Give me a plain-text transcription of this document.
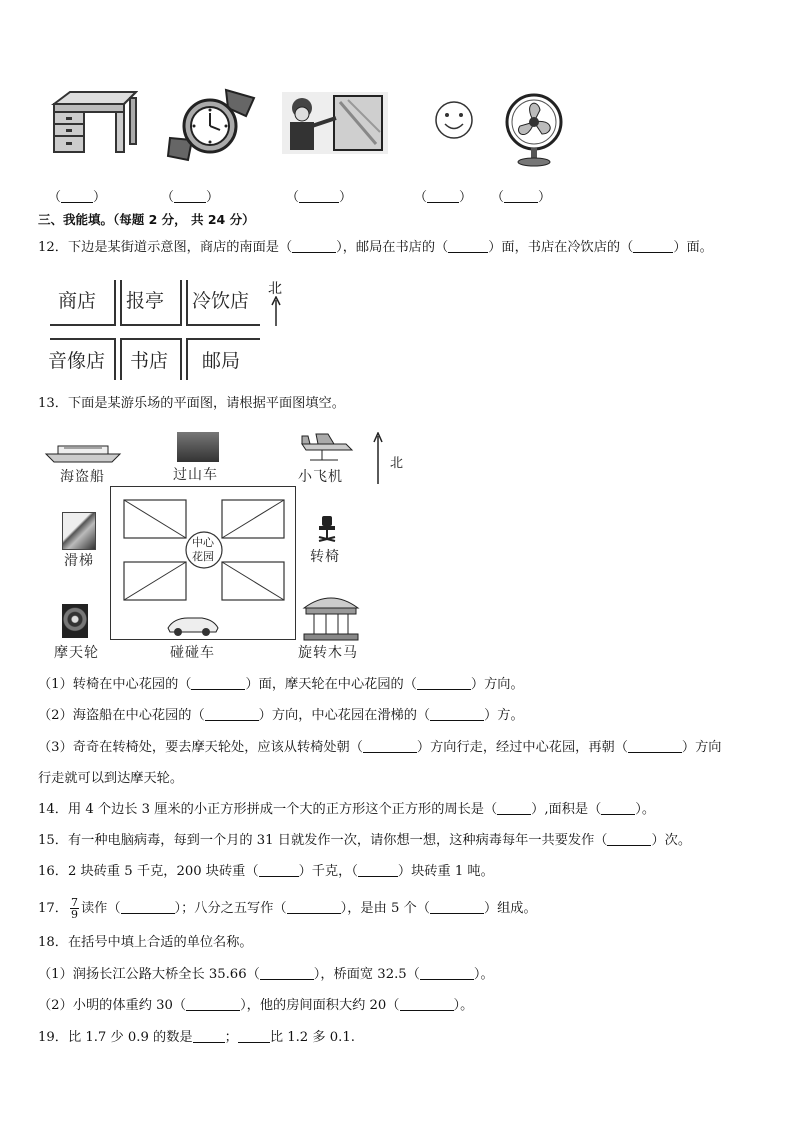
（ ）	（ ）	（	）	（ ） （	）
三、我能填。（每题 2 分， 共 24 分）
12．下边是某街道示意图，商店的南面是（	），邮局在书店的（	）面，书店在冷饮店的（	）面。
商店 报亭 冷饮店
音像店 书店 邮局
北
13．下面是某游乐场的平面图，请根据平面图填空。
海盗船	过山车	小飞机
北
滑梯	转椅
中心
花园
摩天轮	碰碰车	旋转木马
（1）转椅在中心花园的（	）面，摩天轮在中心花园的（	）方向。
（2）海盗船在中心花园的（	）方向，中心花园在滑梯的（	）方。
（3）奇奇在转椅处，要去摩天轮处，应该从转椅处朝（	）方向行走，经过中心花园，再朝（	）方向
行走就可以到达摩天轮。
14．用 4 个边长 3 厘米的小正方形拼成一个大的正方形这个正方形的周长是（	）,面积是（	）。
15．有一种电脑病毒，每到一个月的 31 日就发作一次，请你想一想，这种病毒每年一共要发作（	）次。
16．2 块砖重 5 千克，200 块砖重（	）千克，（	）块砖重 1 吨。
17． $\frac{7}{9}$ 读作（	）；八分之五写作（	），是由 5 个（	）组成。
18．在括号中填上合适的单位名称。
（1）润扬长江公路大桥全长 35.66（	），桥面宽 32.5（	）。
（2）小明的体重约 30（	），他的房间面积大约 20（	）。
19．比 1.7 少 0.9 的数是 ； 比 1.2 多 0.1.
